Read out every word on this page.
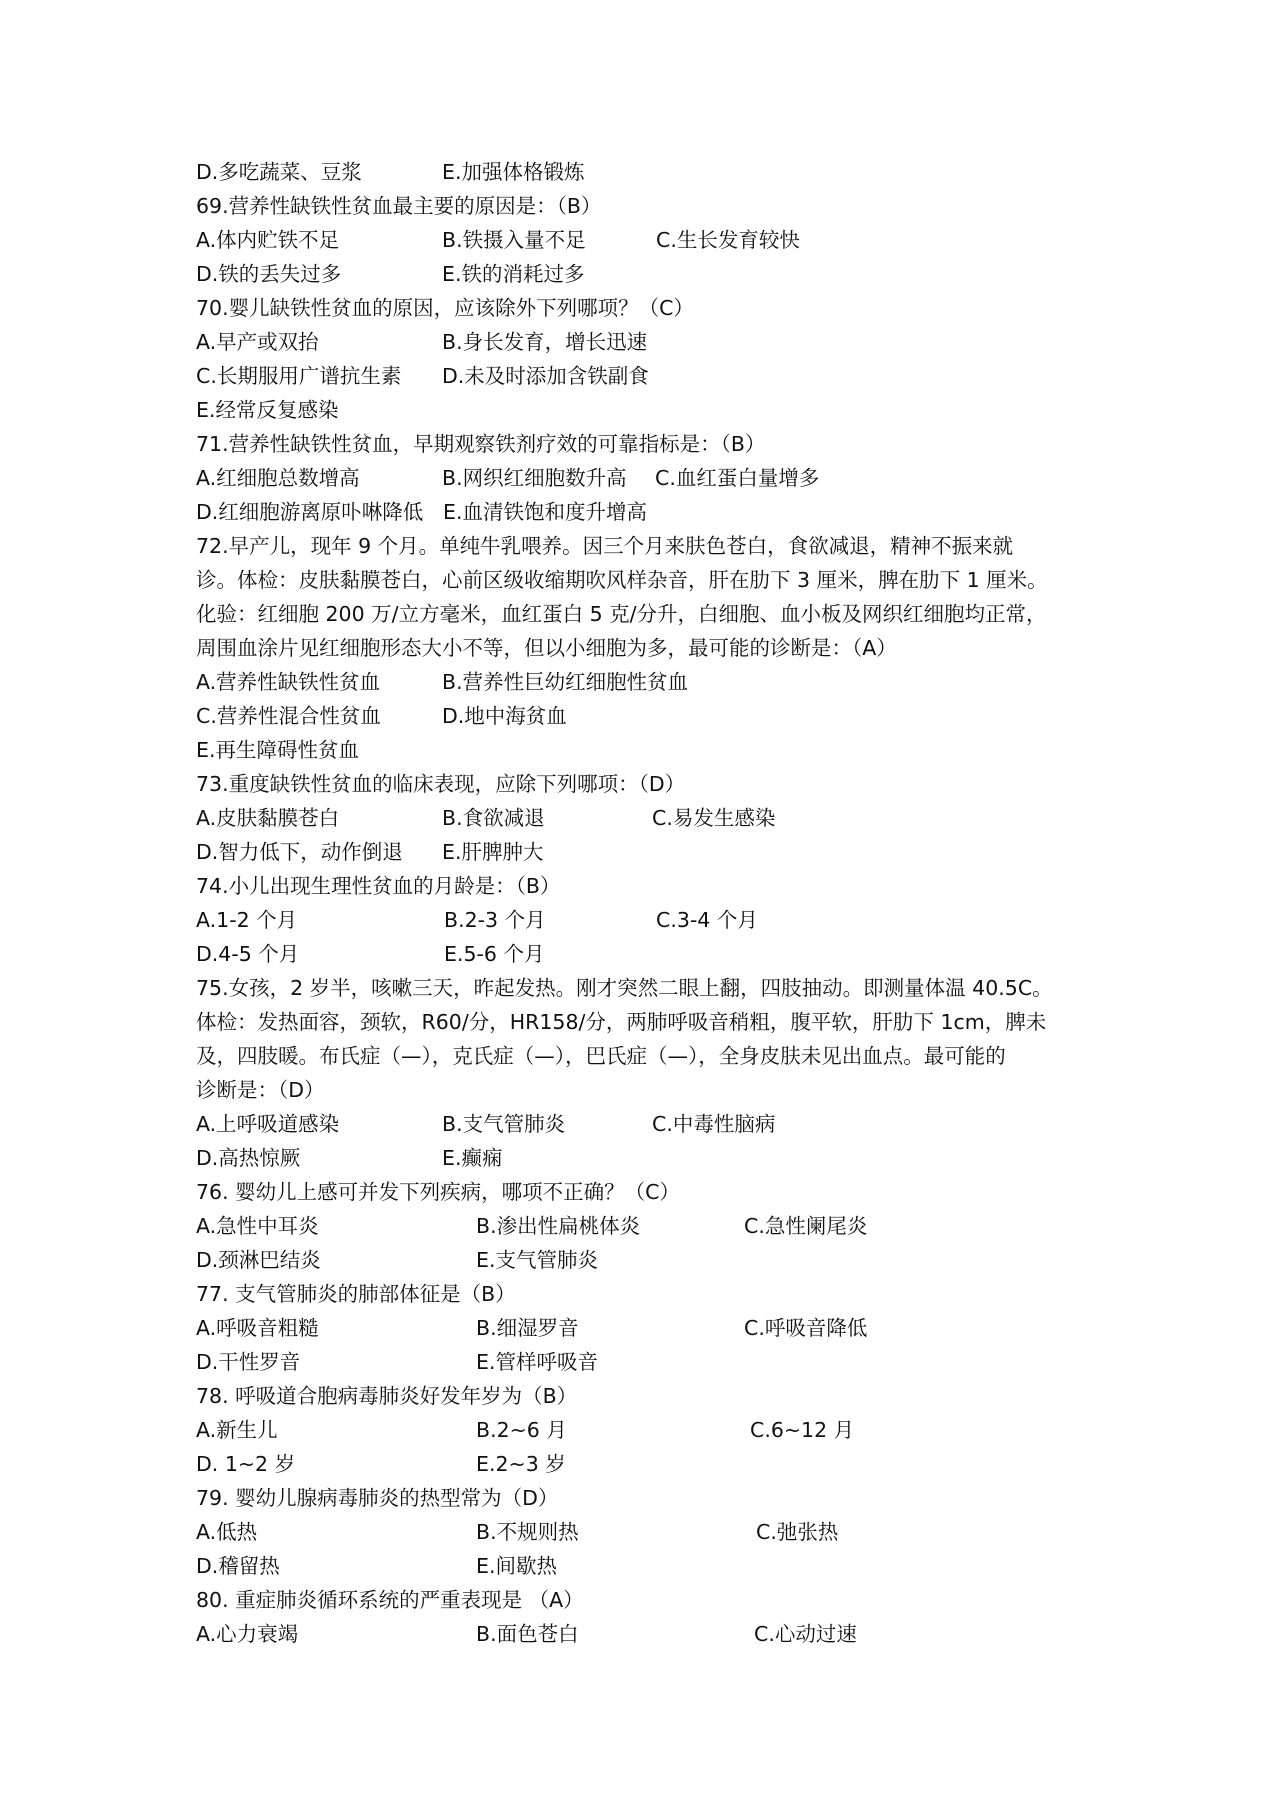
D.多吃蔬菜、豆浆	E.加强体格锻炼
69.营养性缺铁性贫血最主要的原因是：（B）
A.体内贮铁不足	B.铁摄入量不足	C.生长发育较快
D.铁的丢失过多	E.铁的消耗过多
70.婴儿缺铁性贫血的原因，应该除外下列哪项？（C）
A.早产或双抬	B.身长发育，增长迅速
C.长期服用广谱抗生素 D.未及时添加含铁副食
E.经常反复感染
71.营养性缺铁性贫血，早期观察铁剂疗效的可靠指标是：（B）
A.红细胞总数增高	B.网织红细胞数升高 C.血红蛋白量增多
D.红细胞游离原卟啉降低 E.血清铁饱和度升增高
72.早产儿，现年 9 个月。单纯牛乳喂养。因三个月来肤色苍白，食欲减退，精神不振来就
诊。体检：皮肤黏膜苍白，心前区级收缩期吹风样杂音，肝在肋下 3 厘米，脾在肋下 1 厘米。
化验：红细胞 200 万/立方毫米，血红蛋白 5 克/分升，白细胞、血小板及网织红细胞均正常，
周围血涂片见红细胞形态大小不等，但以小细胞为多，最可能的诊断是：（A）
A.营养性缺铁性贫血	B.营养性巨幼红细胞性贫血
C.营养性混合性贫血	D.地中海贫血
E.再生障碍性贫血
73.重度缺铁性贫血的临床表现，应除下列哪项：（D）
A.皮肤黏膜苍白	B.食欲减退	C.易发生感染
D.智力低下，动作倒退 E.肝脾肿大
74.小儿出现生理性贫血的月龄是：（B）
A.1-2 个月	B.2-3 个月	C.3-4 个月
D.4-5 个月	E.5-6 个月
75.女孩，2 岁半，咳嗽三天，昨起发热。刚才突然二眼上翻，四肢抽动。即测量体温 40.5C。
体检：发热面容，颈软，R60/分，HR158/分，两肺呼吸音稍粗，腹平软，肝肋下 1cm，脾未
及，四肢暖。布氏症（—），克氏症（—），巴氏症（—），全身皮肤未见出血点。最可能的
诊断是：（D）
A.上呼吸道感染	B.支气管肺炎	C.中毒性脑病
D.高热惊厥	E.癫痫
76. 婴幼儿上感可并发下列疾病，哪项不正确？（C）
A.急性中耳炎	B.渗出性扁桃体炎	C.急性阑尾炎
D.颈淋巴结炎	E.支气管肺炎
77. 支气管肺炎的肺部体征是（B）
A.呼吸音粗糙	B.细湿罗音	C.呼吸音降低
D.干性罗音	E.管样呼吸音
78. 呼吸道合胞病毒肺炎好发年岁为（B）
A.新生儿	B.2~6 月	C.6~12 月
D. 1~2 岁	E.2~3 岁
79. 婴幼儿腺病毒肺炎的热型常为（D）
A.低热	B.不规则热	C.弛张热
D.稽留热	E.间歇热
80. 重症肺炎循环系统的严重表现是 （A）
A.心力衰竭	B.面色苍白	C.心动过速
